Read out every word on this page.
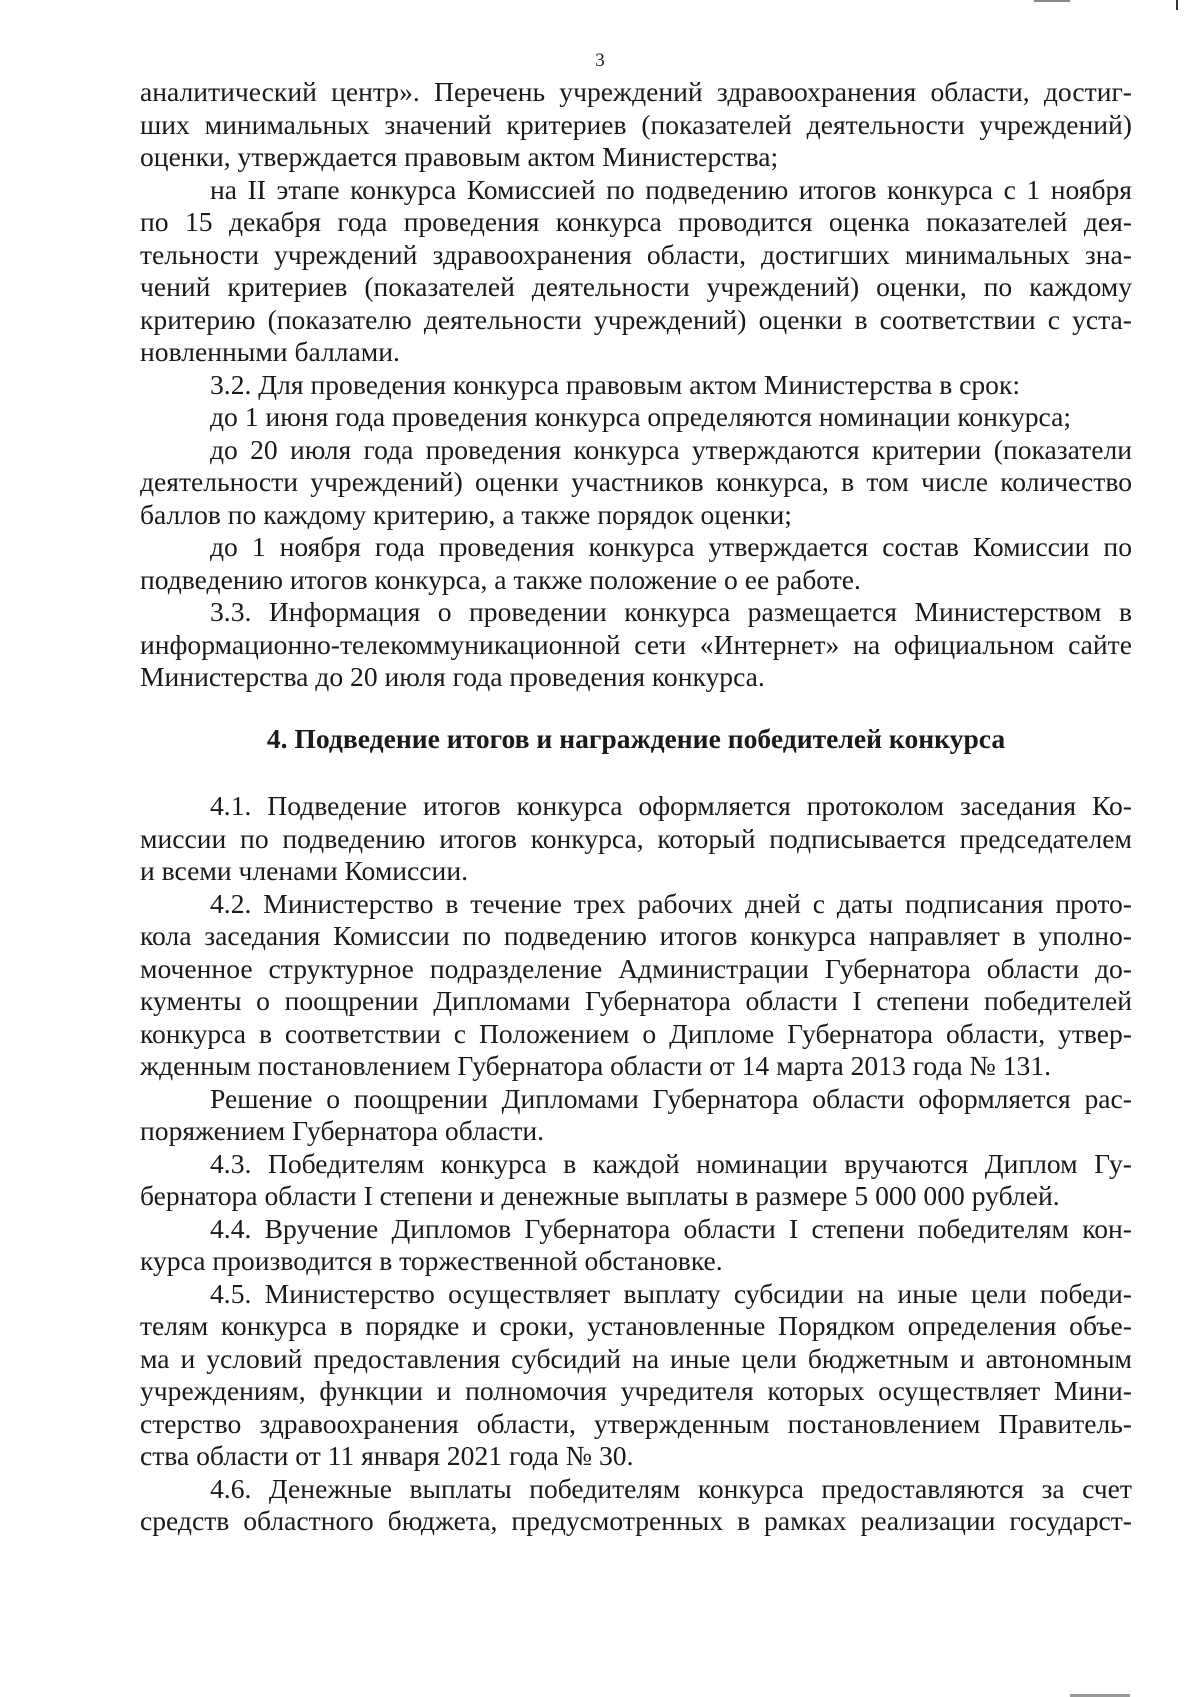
3

аналитический центр». Перечень учреждений здравоохранения области, достиг-

ших минимальных значений критериев (показателей деятельности учреждений)

оценки, утверждается правовым актом Министерства;

на II этапе конкурса Комиссией по подведению итогов конкурса с 1 ноября

по 15 декабря года проведения конкурса проводится оценка показателей дея-

тельности учреждений здравоохранения области, достигших минимальных зна-

чений критериев (показателей деятельности учреждений) оценки, по каждому

критерию (показателю деятельности учреждений) оценки в соответствии с уста-

новленными баллами.

3.2. Для проведения конкурса правовым актом Министерства в срок:

до 1 июня года проведения конкурса определяются номинации конкурса;

до 20 июля года проведения конкурса утверждаются критерии (показатели

деятельности учреждений) оценки участников конкурса, в том числе количество

баллов по каждому критерию, а также порядок оценки;

до 1 ноября года проведения конкурса утверждается состав Комиссии по

подведению итогов конкурса, а также положение о ее работе.

3.3. Информация о проведении конкурса размещается Министерством в

информационно-телекоммуникационной сети «Интернет» на официальном сайте

Министерства до 20 июля года проведения конкурса.

4. Подведение итогов и награждение победителей конкурса

4.1. Подведение итогов конкурса оформляется протоколом заседания Ко-

миссии по подведению итогов конкурса, который подписывается председателем

и всеми членами Комиссии.

4.2. Министерство в течение трех рабочих дней с даты подписания прото-

кола заседания Комиссии по подведению итогов конкурса направляет в уполно-

моченное структурное подразделение Администрации Губернатора области до-

кументы о поощрении Дипломами Губернатора области I степени победителей

конкурса в соответствии с Положением о Дипломе Губернатора области, утвер-

жденным постановлением Губернатора области от 14 марта 2013 года № 131.

Решение о поощрении Дипломами Губернатора области оформляется рас-

поряжением Губернатора области.

4.3. Победителям конкурса в каждой номинации вручаются Диплом Гу-

бернатора области I степени и денежные выплаты в размере 5 000 000 рублей.

4.4. Вручение Дипломов Губернатора области I степени победителям кон-

курса производится в торжественной обстановке.

4.5. Министерство осуществляет выплату субсидии на иные цели победи-

телям конкурса в порядке и сроки, установленные Порядком определения объе-

ма и условий предоставления субсидий на иные цели бюджетным и автономным

учреждениям, функции и полномочия учредителя которых осуществляет Мини-

стерство здравоохранения области, утвержденным постановлением Правитель-

ства области от 11 января 2021 года № 30.

4.6. Денежные выплаты победителям конкурса предоставляются за счет

средств областного бюджета, предусмотренных в рамках реализации государст-
